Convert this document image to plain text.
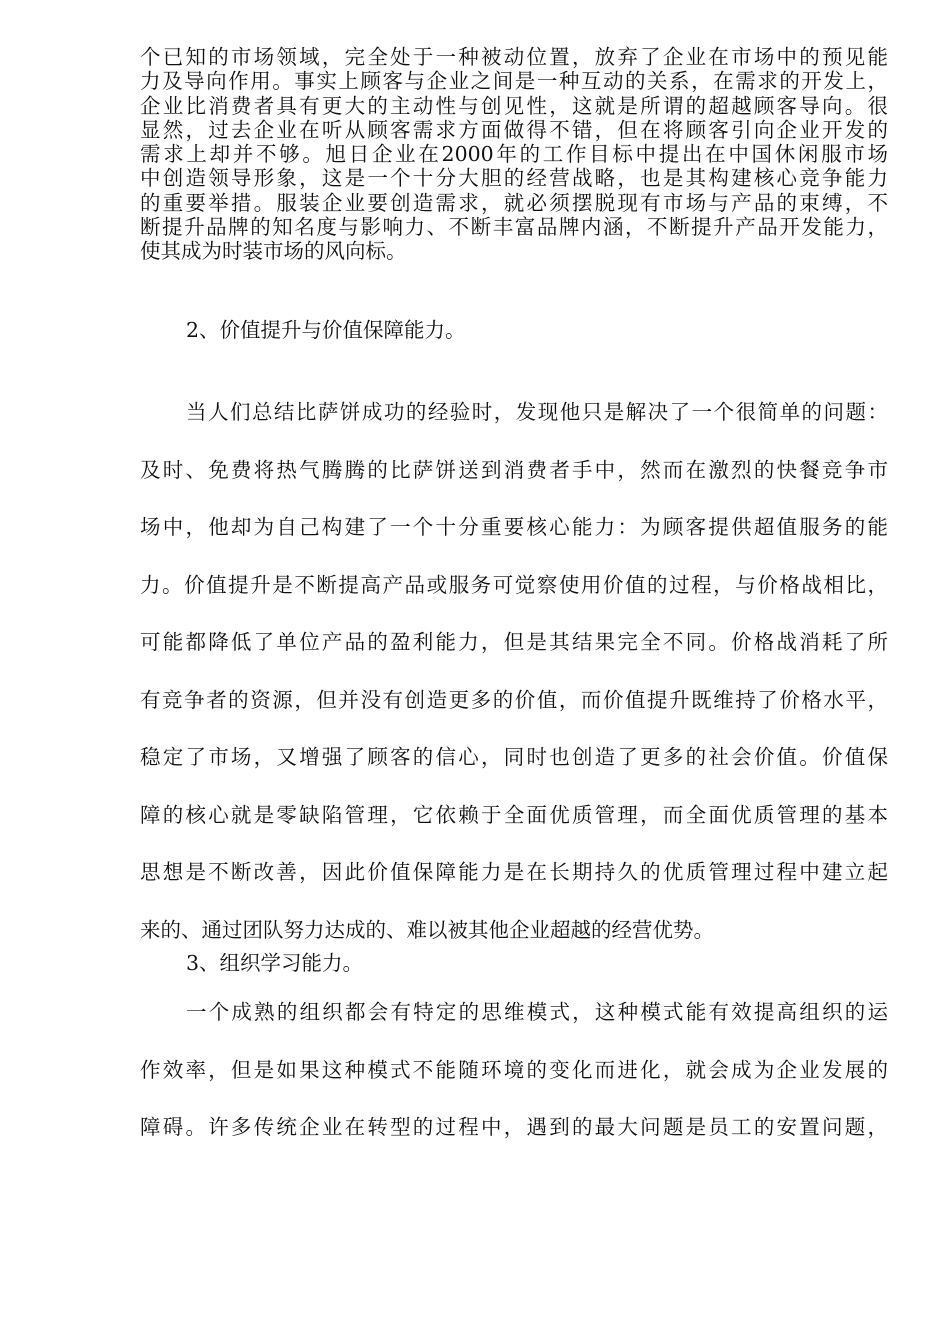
个已知的市场领域，完全处于一种被动位置，放弃了企业在市场中的预见能
力及导向作用。事实上顾客与企业之间是一种互动的关系，在需求的开发上，
企业比消费者具有更大的主动性与创见性，这就是所谓的超越顾客导向。很
显然，过去企业在听从顾客需求方面做得不错，但在将顾客引向企业开发的
需求上却并不够。旭日企业在2000年的工作目标中提出在中国休闲服市场
中创造领导形象，这是一个十分大胆的经营战略，也是其构建核心竞争能力
的重要举措。服装企业要创造需求，就必须摆脱现有市场与产品的束缚，不
断提升品牌的知名度与影响力、不断丰富品牌内涵，不断提升产品开发能力，
使其成为时装市场的风向标。
2、价值提升与价值保障能力。
当人们总结比萨饼成功的经验时，发现他只是解决了一个很简单的问题：
及时、免费将热气腾腾的比萨饼送到消费者手中，然而在激烈的快餐竞争市
场中，他却为自己构建了一个十分重要核心能力：为顾客提供超值服务的能
力。价值提升是不断提高产品或服务可觉察使用价值的过程，与价格战相比，
可能都降低了单位产品的盈利能力，但是其结果完全不同。价格战消耗了所
有竞争者的资源，但并没有创造更多的价值，而价值提升既维持了价格水平，
稳定了市场，又增强了顾客的信心，同时也创造了更多的社会价值。价值保
障的核心就是零缺陷管理，它依赖于全面优质管理，而全面优质管理的基本
思想是不断改善，因此价值保障能力是在长期持久的优质管理过程中建立起
来的、通过团队努力达成的、难以被其他企业超越的经营优势。
3、组织学习能力。
一个成熟的组织都会有特定的思维模式，这种模式能有效提高组织的运
作效率，但是如果这种模式不能随环境的变化而进化，就会成为企业发展的
障碍。许多传统企业在转型的过程中，遇到的最大问题是员工的安置问题，
